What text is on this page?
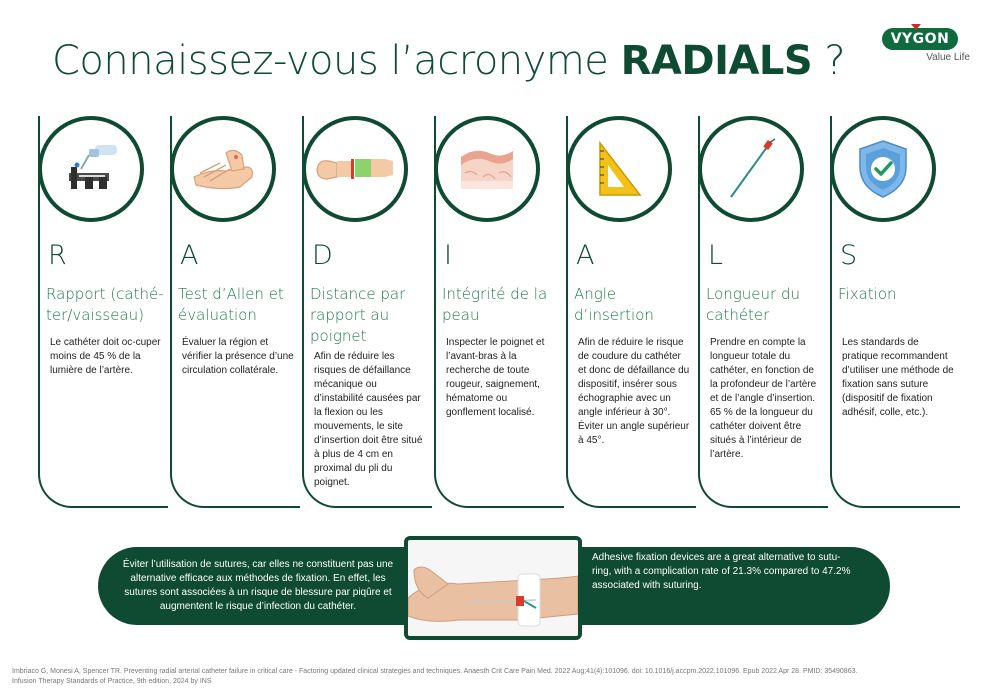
Connaissez-vous l’acronyme RADIALS ?	VYGON
Value Life
R
Rapport (cathé-ter/vaisseau)
Le cathéter doit oc-cuper moins de 45 % de la lumière de l’artère.
A
Test d’Allen et évaluation
Évaluer la région et vérifier la présence d’une circulation collatérale.
D
Distance par rapport au poignet
Afin de réduire les risques de défaillance mécanique ou d’instabilité causées par la flexion ou les mouvements, le site d’insertion doit être situé à plus de 4 cm en proximal du pli du poignet.
I
Intégrité de la peau
Inspecter le poignet et l’avant-bras à la recherche de toute rougeur, saignement, hématome ou gonflement localisé.
A
Angle d’insertion
Afin de réduire le risque de coudure du cathéter et donc de défaillance du dispositif, insérer sous échographie avec un angle inférieur à 30°. Éviter un angle supérieur à 45°.
L
Longueur du cathéter
Prendre en compte la longueur totale du cathéter, en fonction de la profondeur de l’artère et de l’angle d’insertion. 65 % de la longueur du cathéter doivent être situés à l’intérieur de l’artère.
S
Fixation
Les standards de pratique recommandent d’utiliser une méthode de fixation sans suture (dispositif de fixation adhésif, colle, etc.).
Éviter l’utilisation de sutures, car elles ne constituent pas une alternative efficace aux méthodes de fixation. En effet, les sutures sont associées à un risque de blessure par piqûre et augmentent le risque d’infection du cathéter.
Adhesive fixation devices are a great alternative to sutu-ring, with a complication rate of 21.3% compared to 47.2% associated with suturing.
Imbriaco G, Monesi A, Spencer TR. Preventing radial arterial catheter failure in critical care - Factoring updated clinical strategies and techniques. Anaesth Crit Care Pain Med. 2022 Aug;41(4):101096. doi: 10.1016/j.accpm.2022.101096. Epub 2022 Apr 28. PMID: 35490863.
Infusion Therapy Standards of Practice, 9th edition, 2024 by INS
